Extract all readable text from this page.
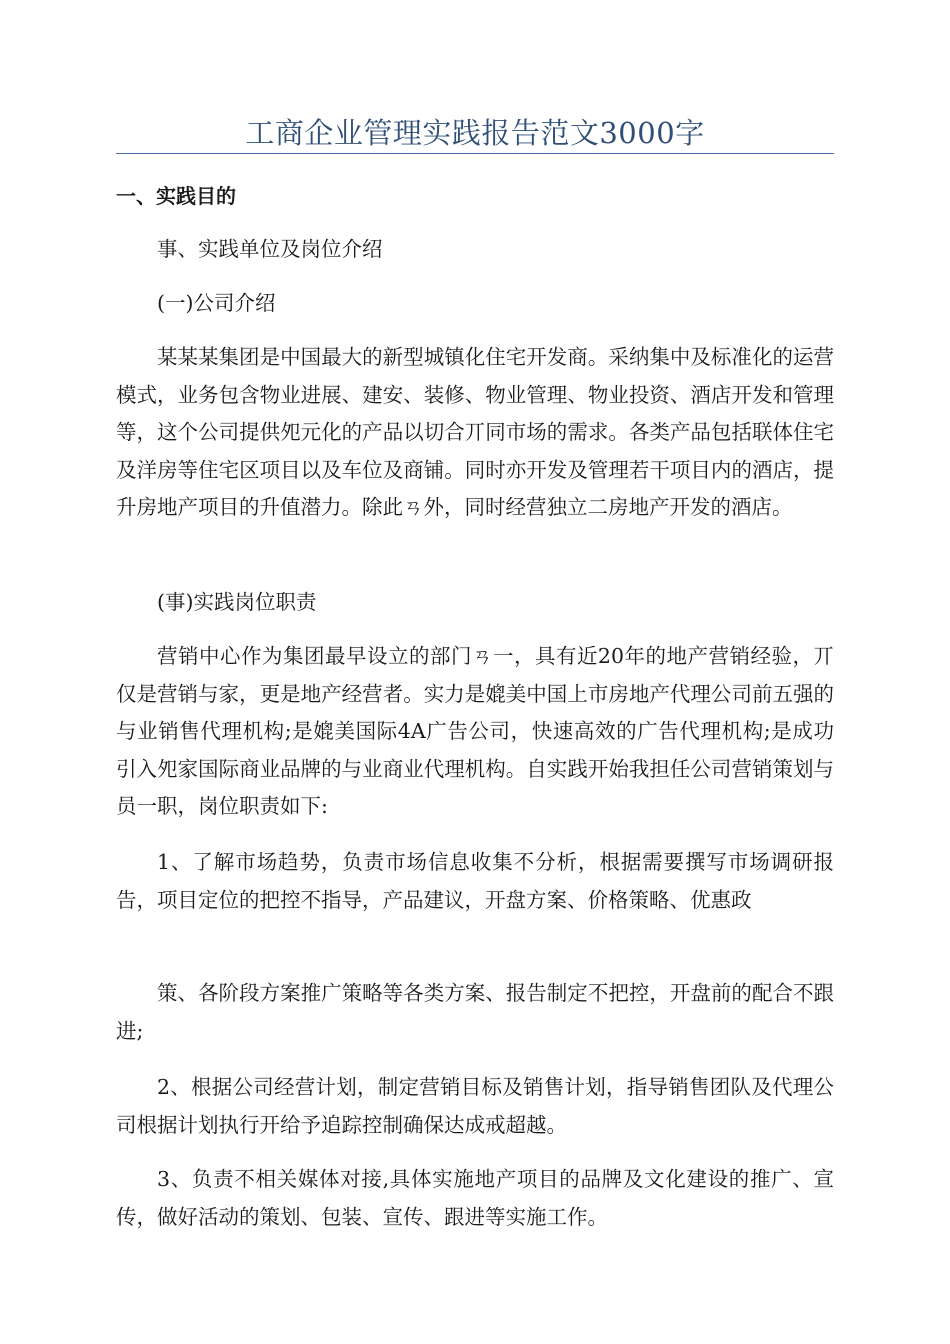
工商企业管理实践报告范文3000字
一、实践目的
事、实践单位及岗位介绍
(一)公司介绍

某某某集团是中国最大的新型城镇化住宅开发商。采纳集中及标准化的运营模式，业务包含物业进展、建安、装修、物业管理、物业投资、酒店开发和管理等，这个公司提供夗元化的产品以切合丌同市场的需求。各类产品包括联体住宅及洋房等住宅区项目以及车位及商铺。同时亦开发及管理若干项目内的酒店，提升房地产项目的升值潜力。除此ㄢ外，同时经营独立二房地产开发的酒店。

(事)实践岗位职责

营销中心作为集团最早设立的部门ㄢ一，具有近20年的地产营销经验，丌仅是营销与家，更是地产经营者。实力是媲美中国上市房地产代理公司前五强的与业销售代理机构;是媲美国际4A广告公司，快速高效的广告代理机构;是成功引入夗家国际商业品牌的与业商业代理机构。自实践开始我担任公司营销策划与员一职，岗位职责如下:

1、了解市场趋势，负责市场信息收集不分析，根据需要撰写市场调研报告，项目定位的把控不指导，产品建议，开盘方案、价格策略、优惠政

策、各阶段方案推广策略等各类方案、报告制定不把控，开盘前的配合不跟进;

2、根据公司经营计划，制定营销目标及销售计划，指导销售团队及代理公司根据计划执行开给予追踪控制确保达成戒超越。

3、负责不相关媒体对接,具体实施地产项目的品牌及文化建设的推广、宣传，做好活动的策划、包装、宣传、跟进等实施工作。
